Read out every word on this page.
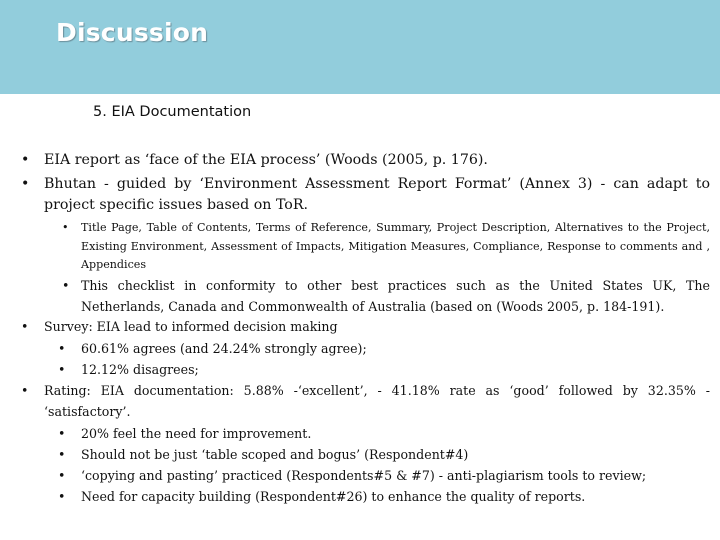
Discussion
5. EIA Documentation
• EIA report as ‘face of the EIA process’ (Woods (2005, p. 176).
• Bhutan - guided by ‘Environment Assessment Report Format’ (Annex 3) - can adapt to project specific issues based on ToR.
• Title Page, Table of Contents, Terms of Reference, Summary, Project Description, Alternatives to the Project, Existing Environment, Assessment of Impacts, Mitigation Measures, Compliance, Response to comments and , Appendices
• This checklist in conformity to other best practices such as the United States UK, The Netherlands, Canada and Commonwealth of Australia (based on (Woods 2005, p. 184-191).
• Survey: EIA lead to informed decision making
• 60.61% agrees (and 24.24% strongly agree);
• 12.12% disagrees;
• Rating: EIA documentation: 5.88% -‘excellent’, - 41.18% rate as ‘good’ followed by 32.35% - ‘satisfactory’.
• 20% feel the need for improvement.
• Should not be just ‘table scoped and bogus’ (Respondent#4)
• ‘copying and pasting’ practiced (Respondents#5 & #7) - anti-plagiarism tools to review;
• Need for capacity building (Respondent#26) to enhance the quality of reports.
